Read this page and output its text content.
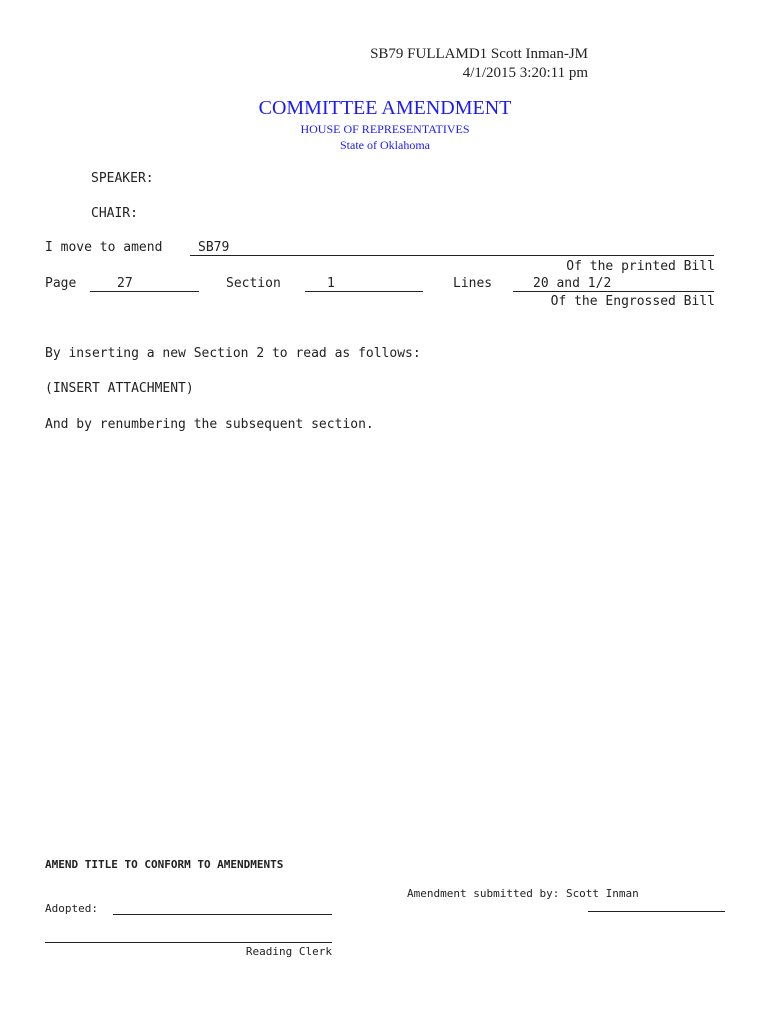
SB79 FULLAMD1 Scott Inman-JM
4/1/2015 3:20:11 pm
COMMITTEE AMENDMENT
HOUSE OF REPRESENTATIVES
State of Oklahoma
SPEAKER:
CHAIR:
I move to amend	SB79
Of the printed Bill
Page	27	Section	1	Lines	20 and 1/2
Of the Engrossed Bill
By inserting a new Section 2 to read as follows:
(INSERT ATTACHMENT)
And by renumbering the subsequent section.
AMEND TITLE TO CONFORM TO AMENDMENTS
Amendment submitted by: Scott Inman
Adopted:
Reading Clerk
